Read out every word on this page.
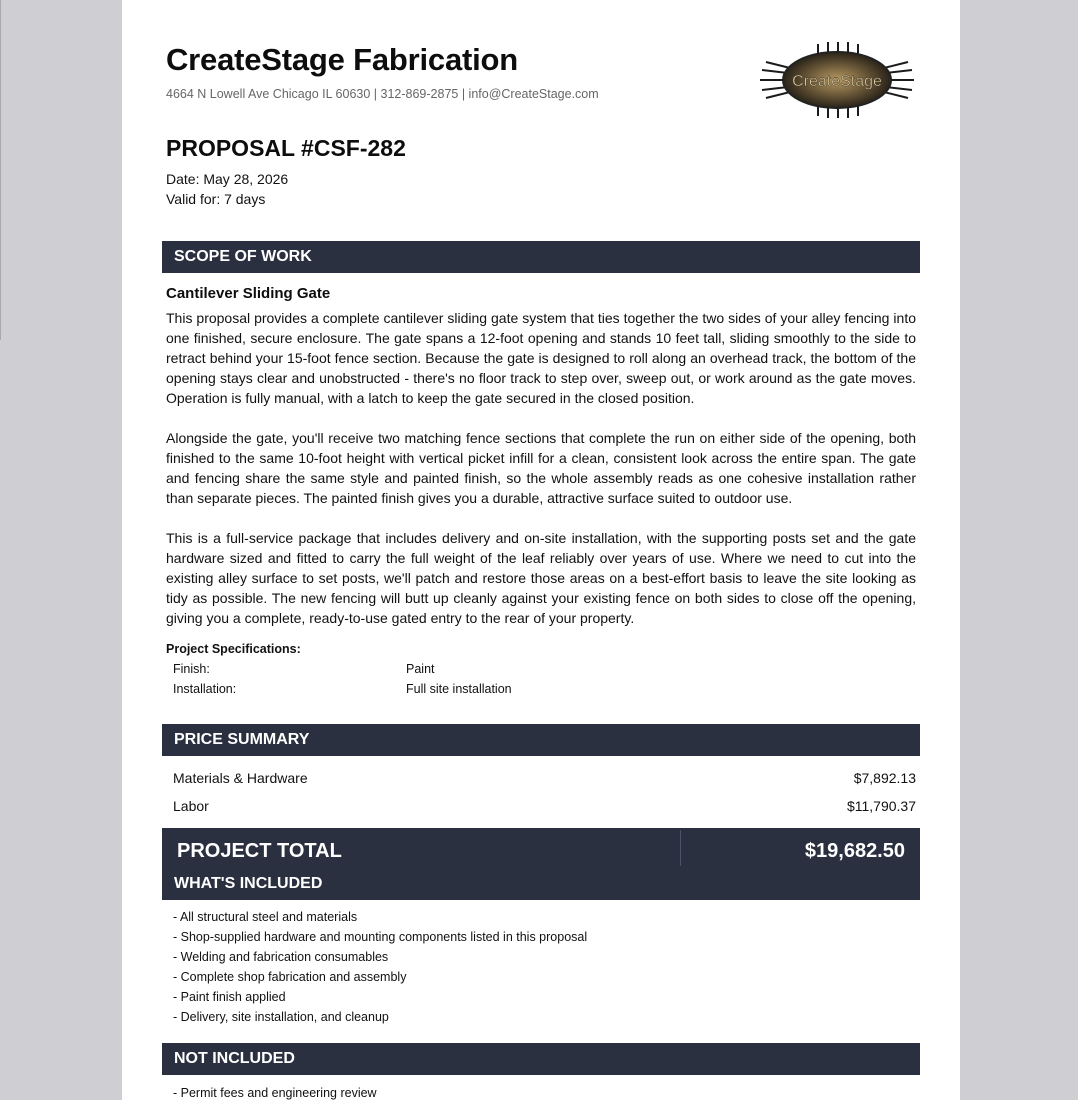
CreateStage Fabrication
4664 N Lowell Ave Chicago IL 60630 | 312-869-2875 | info@CreateStage.com
CreateStage
PROPOSAL #CSF-282
Date: May 28, 2026
Valid for: 7 days
SCOPE OF WORK
Cantilever Sliding Gate
This proposal provides a complete cantilever sliding gate system that ties together the two sides of your alley fencing into one finished, secure enclosure. The gate spans a 12-foot opening and stands 10 feet tall, sliding smoothly to the side to retract behind your 15-foot fence section. Because the gate is designed to roll along an overhead track, the bottom of the opening stays clear and unobstructed - there's no floor track to step over, sweep out, or work around as the gate moves. Operation is fully manual, with a latch to keep the gate secured in the closed position.
Alongside the gate, you'll receive two matching fence sections that complete the run on either side of the opening, both finished to the same 10-foot height with vertical picket infill for a clean, consistent look across the entire span. The gate and fencing share the same style and painted finish, so the whole assembly reads as one cohesive installation rather than separate pieces. The painted finish gives you a durable, attractive surface suited to outdoor use.
This is a full-service package that includes delivery and on-site installation, with the supporting posts set and the gate hardware sized and fitted to carry the full weight of the leaf reliably over years of use. Where we need to cut into the existing alley surface to set posts, we'll patch and restore those areas on a best-effort basis to leave the site looking as tidy as possible. The new fencing will butt up cleanly against your existing fence on both sides to close off the opening, giving you a complete, ready-to-use gated entry to the rear of your property.
Project Specifications:
Finish:	Paint
Installation:	Full site installation
PRICE SUMMARY
Materials & Hardware	$7,892.13
Labor	$11,790.37
PROJECT TOTAL	$19,682.50
WHAT'S INCLUDED
- All structural steel and materials
- Shop-supplied hardware and mounting components listed in this proposal
- Welding and fabrication consumables
- Complete shop fabrication and assembly
- Paint finish applied
- Delivery, site installation, and cleanup
NOT INCLUDED
- Permit fees and engineering review
